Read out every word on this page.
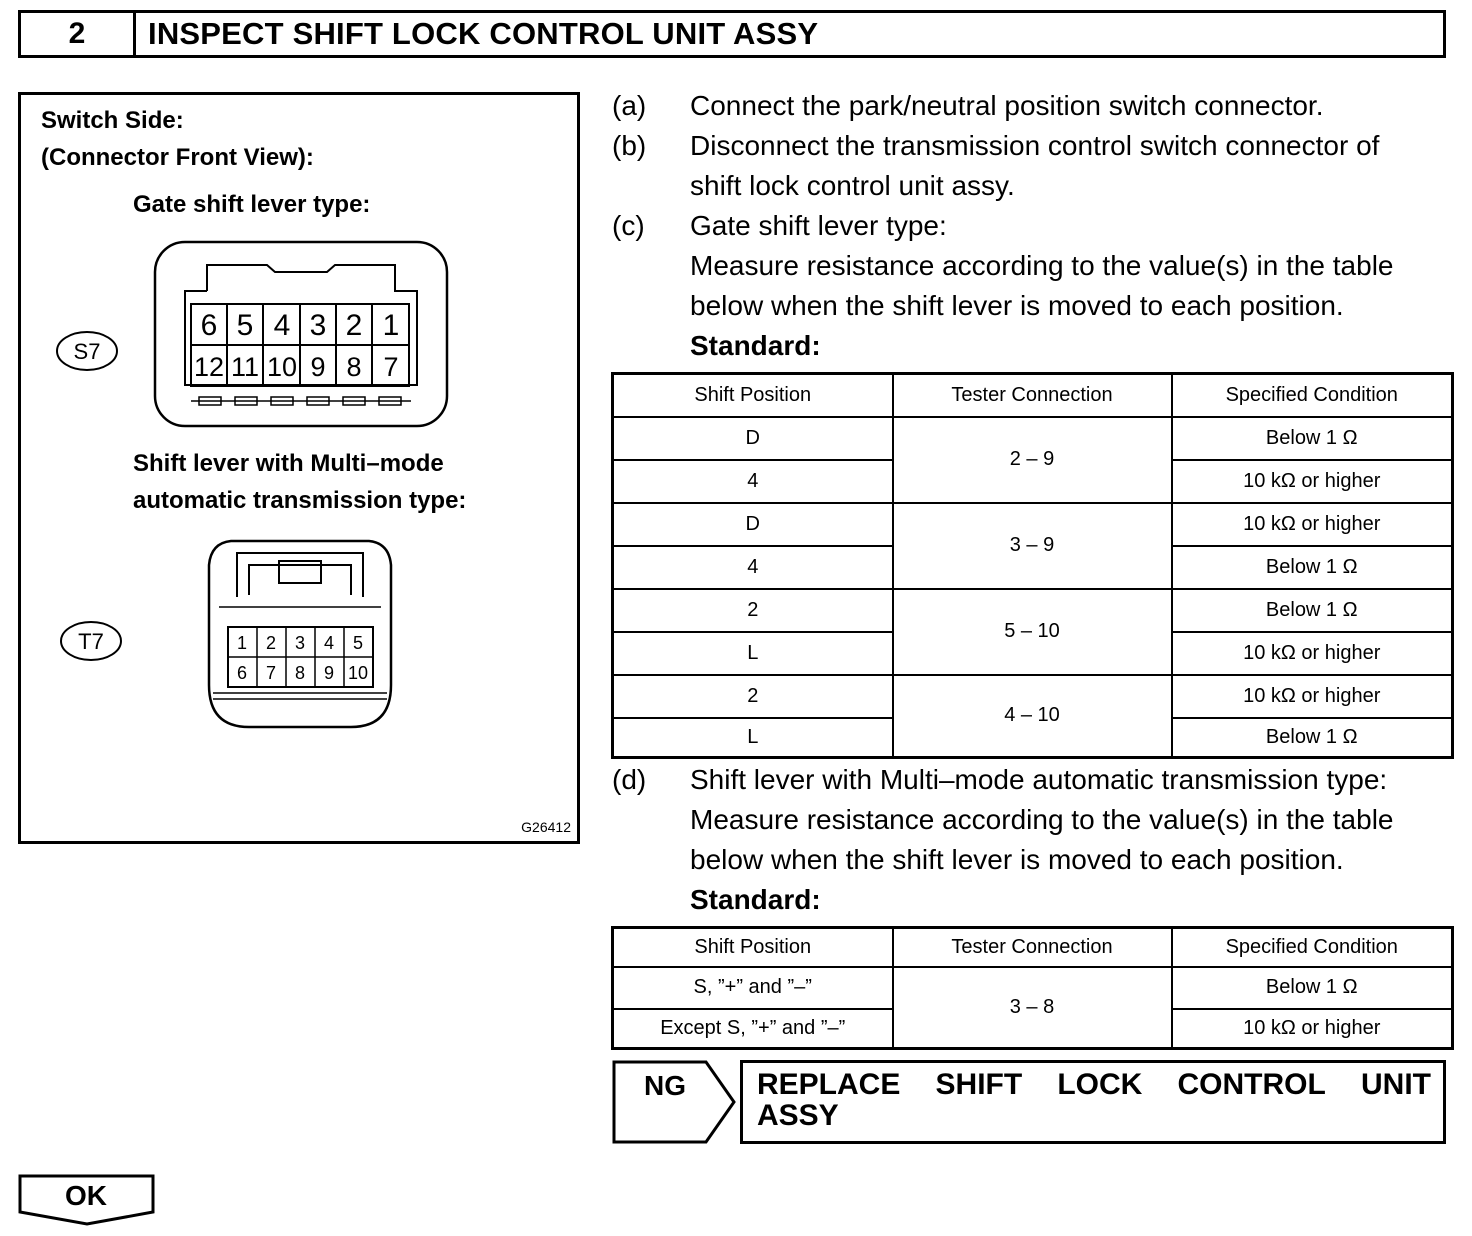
2	INSPECT SHIFT LOCK CONTROL UNIT ASSY
Switch Side:
(Connector Front View):
Gate shift lever type:
S7
6 5 4 3 2 1
12 11 10 9 8 7
T7	1 2 3 4 5
6 7 8 9 10
Shift lever with Multi–mode
automatic transmission type:
G26412
(a)	Connect the park/neutral position switch connector.
(b)	Disconnect the transmission control switch connector of
shift lock control unit assy.
(c)	Gate shift lever type:
Measure resistance according to the value(s) in the table
below when the shift lever is moved to each position.
Standard:
Shift Position	Tester Connection	Specified Condition
D	2 – 9	Below 1 Ω
4		10 kΩ or higher
D	3 – 9	10 kΩ or higher
4		Below 1 Ω
2	5 – 10	Below 1 Ω
L		10 kΩ or higher
2	4 – 10	10 kΩ or higher
L		Below 1 Ω
(d)	Shift lever with Multi–mode automatic transmission type:
Measure resistance according to the value(s) in the table
below when the shift lever is moved to each position.
Standard:
Shift Position	Tester Connection	Specified Condition
S, ”+” and ”–”	3 – 8	Below 1 Ω
Except S, ”+” and ”–”		10 kΩ or higher
NG REPLACE SHIFT LOCK CONTROL UNIT
ASSY
OK
